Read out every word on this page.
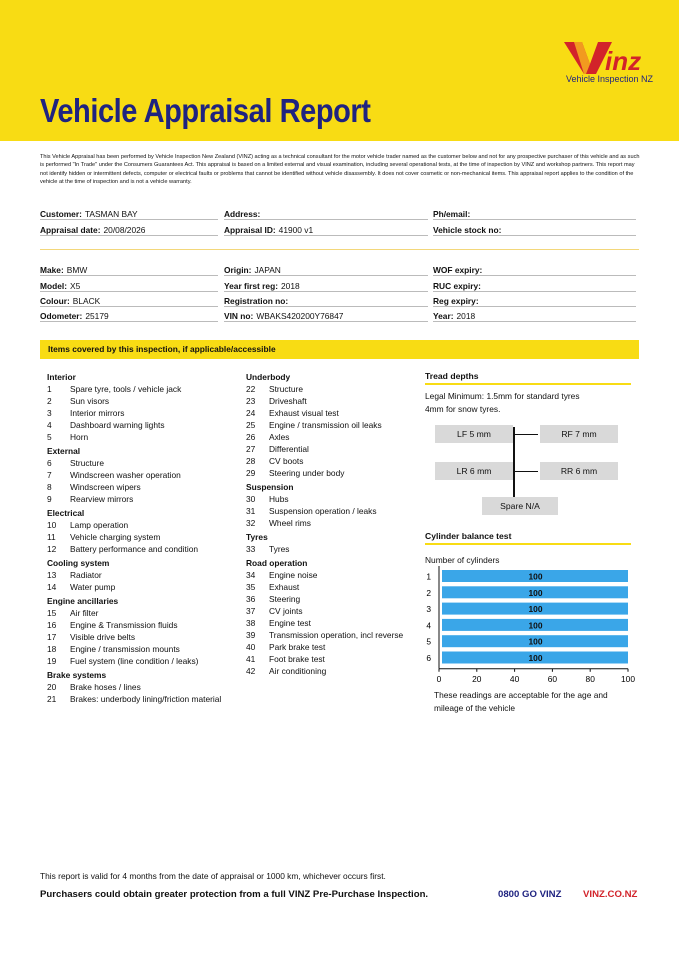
Vehicle Appraisal Report
inz
Vehicle Inspection NZ
This Vehicle Appraisal has been performed by Vehicle Inspection New Zealand (VINZ) acting as a technical consultant for the motor vehicle trader named as the customer below and not for any prospective purchaser of this vehicle and as such is performed "In Trade" under the Consumers Guarantees Act. This appraisal is based on a limited external and visual examination, including several operational tests, at the time of inspection by VINZ and workshop partners. This report may not identify hidden or intermittent defects, computer or electrical faults or problems that cannot be identified without vehicle disassembly. It does not cover cosmetic or non-mechanical items. This appraisal report applies to the condition of the vehicle at the time of inspection and is not a vehicle warranty.
Customer: TASMAN BAY	Address:	Ph/email:
Appraisal date: 20/08/2026	Appraisal ID: 41900 v1	Vehicle stock no:
Make: BMW	Origin: JAPAN	WOF expiry:
Model: X5	Year first reg: 2018	RUC expiry:
Colour: BLACK	Registration no:	Reg expiry:
Odometer: 25179	VIN no: WBAKS420200Y76847	Year: 2018
Items covered by this inspection, if applicable/accessible
Interior
1 Spare tyre, tools / vehicle jack
2 Sun visors
3 Interior mirrors
4 Dashboard warning lights
5 Horn
External
6 Structure
7 Windscreen washer operation
8 Windscreen wipers
9 Rearview mirrors
Electrical
10 Lamp operation
11 Vehicle charging system
12 Battery performance and condition
Cooling system
13 Radiator
14 Water pump
Engine ancillaries
15 Air filter
16 Engine & Transmission fluids
17 Visible drive belts
18 Engine / transmission mounts
19 Fuel system (line condition / leaks)
Brake systems
20 Brake hoses / lines
21 Brakes: underbody lining/friction material
Underbody
22 Structure
23 Driveshaft
24 Exhaust visual test
25 Engine / transmission oil leaks
26 Axles
27 Differential
28 CV boots
29 Steering under body
Suspension
30 Hubs
31 Suspension operation / leaks
32 Wheel rims
Tyres
33 Tyres
Road operation
34 Engine noise
35 Exhaust
36 Steering
37 CV joints
38 Engine test
39 Transmission operation, incl reverse
40 Park brake test
41 Foot brake test
42 Air conditioning
Tread depths
Legal Minimum: 1.5mm for standard tyres
4mm for snow tyres.
LF 5 mm	RF 7 mm
LR 6 mm	RR 6 mm
Spare N/A
Cylinder balance test
Number of cylinders
1	100
2	100
3	100
4	100
5	100
6	100
0	20	40	60	80	100
These readings are acceptable for the age and
mileage of the vehicle
This report is valid for 4 months from the date of appraisal or 1000 km, whichever occurs first.
Purchasers could obtain greater protection from a full VINZ Pre-Purchase Inspection.	0800 GO VINZ VINZ.CO.NZ
